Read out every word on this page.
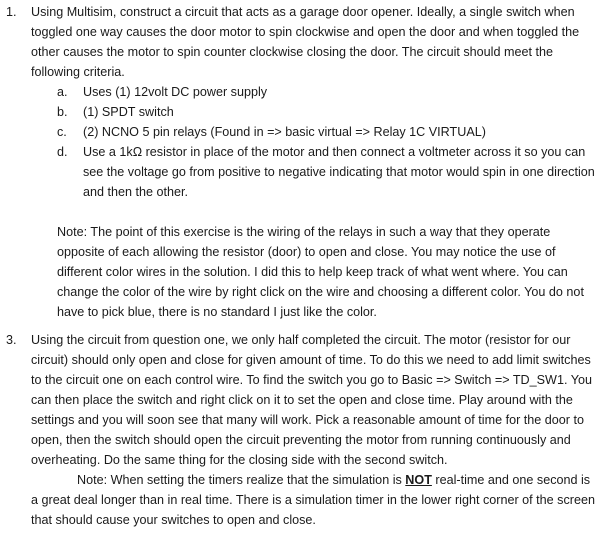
1.	Using Multisim, construct a circuit that acts as a garage door opener. Ideally, a single switch when toggled one way causes the door motor to spin clockwise and open the door and when toggled the other causes the motor to spin counter clockwise closing the door. The circuit should meet the following criteria.

a. Uses (1) 12volt DC power supply
b. (1) SPDT switch
c. (2) NCNO 5 pin relays (Found in => basic virtual => Relay 1C VIRTUAL)
d. Use a 1kΩ resistor in place of the motor and then connect a voltmeter across it so you can see the voltage go from positive to negative indicating that motor would spin in one direction and then the other.

Note: The point of this exercise is the wiring of the relays in such a way that they operate opposite of each allowing the resistor (door) to open and close. You may notice the use of different color wires in the solution. I did this to help keep track of what went where. You can change the color of the wire by right click on the wire and choosing a different color. You do not have to pick blue, there is no standard I just like the color.

3.	Using the circuit from question one, we only half completed the circuit. The motor (resistor for our circuit) should only open and close for given amount of time. To do this we need to add limit switches to the circuit one on each control wire. To find the switch you go to Basic => Switch => TD_SW1. You can then place the switch and right click on it to set the open and close time. Play around with the settings and you will soon see that many will work. Pick a reasonable amount of time for the door to open, then the switch should open the circuit preventing the motor from running continuously and overheating. Do the same thing for the closing side with the second switch.

Note: When setting the timers realize that the simulation is NOT real-time and one second is a great deal longer than in real time. There is a simulation timer in the lower right corner of the screen that should cause your switches to open and close.
